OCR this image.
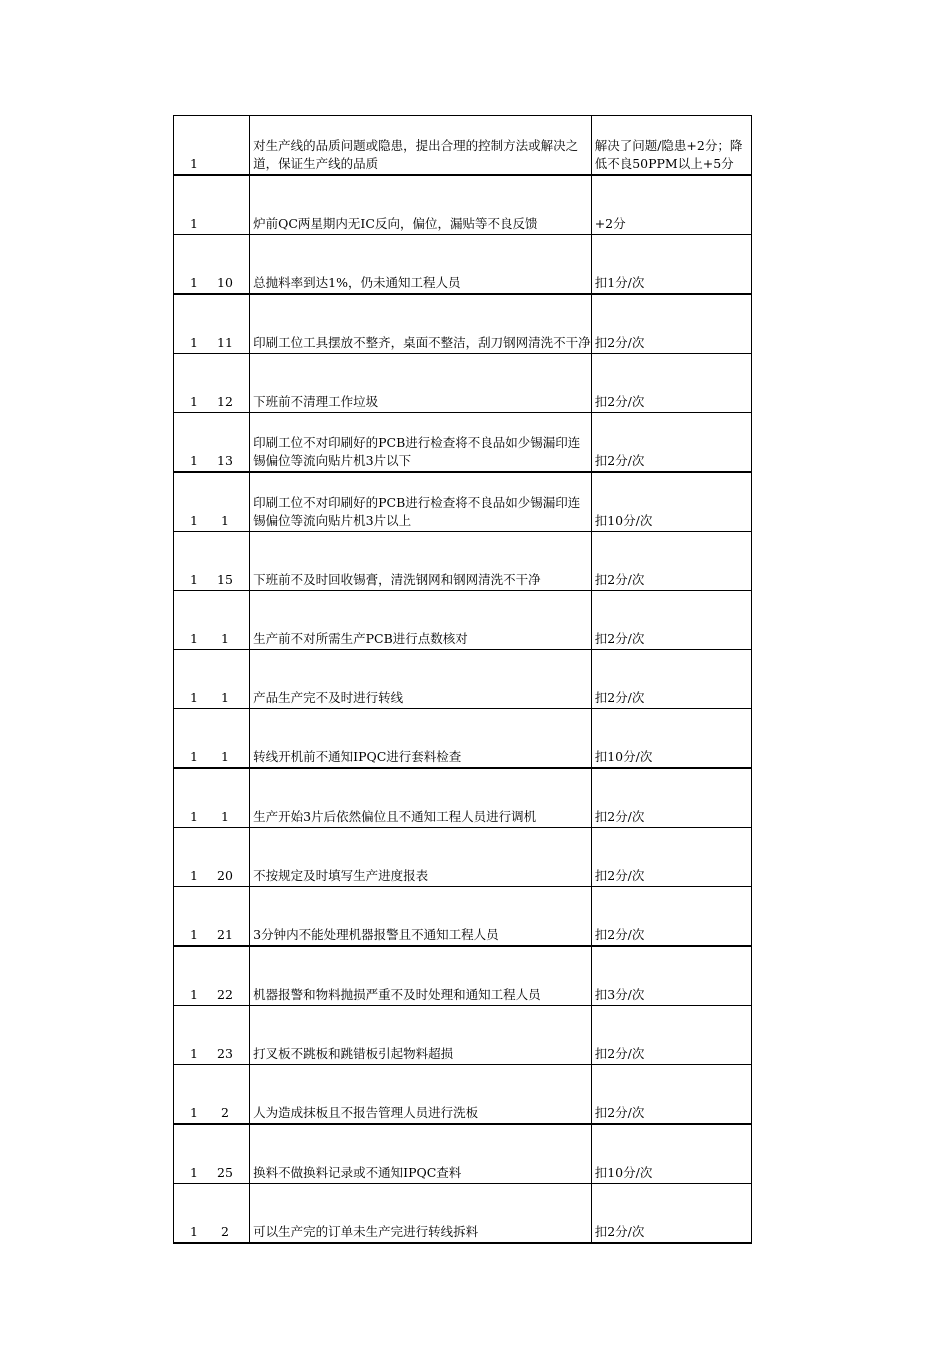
1	对生产线的品质问题或隐患，提出合理的控制方法或解决之道，保证生产线的品质	解决了问题/隐患+2分；降低不良50PPM以上+5分

1	炉前QC两星期内无IC反向，偏位，漏贴等不良反馈	+2分

1 10	总抛料率到达1%，仍未通知工程人员	扣1分/次

1 11	印刷工位工具摆放不整齐，桌面不整洁，刮刀钢网清洗不干净	扣2分/次

1 12	下班前不清理工作垃圾	扣2分/次

1 13	印刷工位不对印刷好的PCB进行检查将不良品如少锡漏印连锡偏位等流向贴片机3片以下	扣2分/次

1 1	印刷工位不对印刷好的PCB进行检查将不良品如少锡漏印连锡偏位等流向贴片机3片以上	扣10分/次

1 15	下班前不及时回收锡膏，清洗钢网和钢网清洗不干净	扣2分/次

1 1	生产前不对所需生产PCB进行点数核对	扣2分/次

1 1	产品生产完不及时进行转线	扣2分/次

1 1	转线开机前不通知IPQC进行套料检查	扣10分/次

1 1	生产开始3片后依然偏位且不通知工程人员进行调机	扣2分/次

1 20	不按规定及时填写生产进度报表	扣2分/次

1 21	3分钟内不能处理机器报警且不通知工程人员	扣2分/次

1 22	机器报警和物料抛损严重不及时处理和通知工程人员	扣3分/次

1 23	打叉板不跳板和跳错板引起物料超损	扣2分/次

1 2	人为造成抹板且不报告管理人员进行洗板	扣2分/次

1 25	换料不做换料记录或不通知IPQC查料	扣10分/次

1 2	可以生产完的订单未生产完进行转线拆料	扣2分/次
